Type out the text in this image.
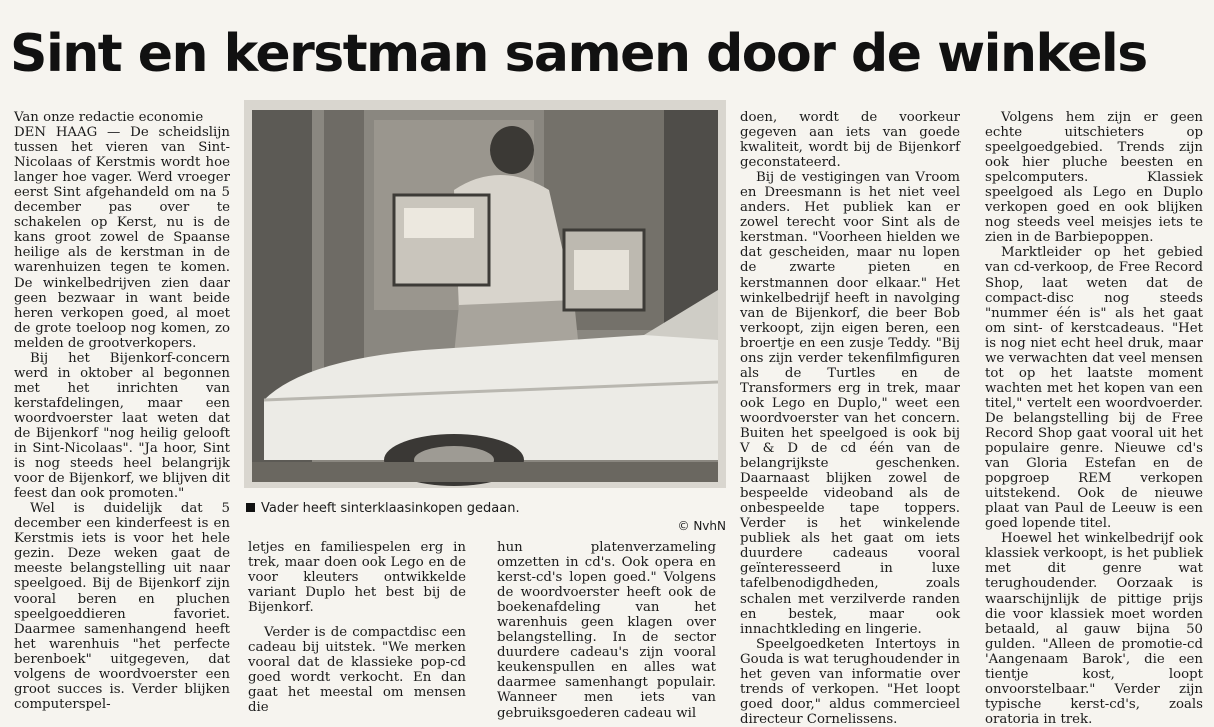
Sint en kerstman samen door de winkels

Van onze redactie economie

DEN HAAG — De scheidslijn tussen het vieren van Sint-Nicolaas of Kerstmis wordt hoe langer hoe vager. Werd vroeger eerst Sint afgehandeld om na 5 december pas over te schakelen op Kerst, nu is de kans groot zowel de Spaanse heilige als de kerstman in de warenhuizen tegen te komen. De winkelbedrijven zien daar geen bezwaar in want beide heren verkopen goed, al moet de grote toeloop nog komen, zo melden de grootverkopers.

Bij het Bijenkorf-concern werd in oktober al begonnen met het inrichten van kerstafdelingen, maar een woordvoerster laat weten dat de Bijenkorf "nog heilig gelooft in Sint-Nicolaas". "Ja hoor, Sint is nog steeds heel belangrijk voor de Bijenkorf, we blijven dit feest dan ook promoten."

Wel is duidelijk dat 5 december een kinderfeest is en Kerstmis iets is voor het hele gezin. Deze weken gaat de meeste belangstelling uit naar speelgoed. Bij de Bijenkorf zijn vooral beren en pluchen speelgoeddieren favoriet. Daarmee samenhangend heeft het warenhuis "het perfecte berenboek" uitgegeven, dat volgens de woordvoerster een groot succes is. Verder blijken computerspel-

Vader heeft sinterklaasinkopen gedaan.
© NvhN

letjes en familiespelen erg in trek, maar doen ook Lego en de voor kleuters ontwikkelde variant Duplo het best bij de Bijenkorf.

Verder is de compactdisc een cadeau bij uitstek. "We merken vooral dat de klassieke pop-cd goed wordt verkocht. En dan gaat het meestal om mensen die

hun platenverzameling omzetten in cd's. Ook opera en kerst-cd's lopen goed." Volgens de woordvoerster heeft ook de boekenafdeling van het warenhuis geen klagen over belangstelling. In de sector duurdere cadeau's zijn vooral keukenspullen en alles wat daarmee samenhangt populair. Wanneer men iets van gebruiksgoederen cadeau wil

doen, wordt de voorkeur gegeven aan iets van goede kwaliteit, wordt bij de Bijenkorf geconstateerd.

Bij de vestigingen van Vroom en Dreesmann is het niet veel anders. Het publiek kan er zowel terecht voor Sint als de kerstman. "Voorheen hielden we dat gescheiden, maar nu lopen de zwarte pieten en kerstmannen door elkaar." Het winkelbedrijf heeft in navolging van de Bijenkorf, die beer Bob verkoopt, zijn eigen beren, een broertje en een zusje Teddy. "Bij ons zijn verder tekenfilmfiguren als de Turtles en de Transformers erg in trek, maar ook Lego en Duplo," weet een woordvoerster van het concern. Buiten het speelgoed is ook bij V & D de cd één van de belangrijkste geschenken. Daarnaast blijken zowel de bespeelde videoband als de onbespeelde tape toppers. Verder is het winkelende publiek als het gaat om iets duurdere cadeaus vooral geïnteresseerd in luxe tafelbenodigdheden, zoals schalen met verzilverde randen en bestek, maar ook innachtkleding en lingerie.

Speelgoedketen Intertoys in Gouda is wat terughoudender in het geven van informatie over trends of verkopen. "Het loopt goed door," aldus commercieel directeur Cornelissens.

Volgens hem zijn er geen echte uitschieters op speelgoedgebied. Trends zijn ook hier pluche beesten en spelcomputers. Klassiek speelgoed als Lego en Duplo verkopen goed en ook blijken nog steeds veel meisjes iets te zien in de Barbiepoppen.

Marktleider op het gebied van cd-verkoop, de Free Record Shop, laat weten dat de compact-disc nog steeds "nummer één is" als het gaat om sint- of kerstcadeaus. "Het is nog niet echt heel druk, maar we verwachten dat veel mensen tot op het laatste moment wachten met het kopen van een titel," vertelt een woordvoerder. De belangstelling bij de Free Record Shop gaat vooral uit het populaire genre. Nieuwe cd's van Gloria Estefan en de popgroep REM verkopen uitstekend. Ook de nieuwe plaat van Paul de Leeuw is een goed lopende titel.

Hoewel het winkelbedrijf ook klassiek verkoopt, is het publiek met dit genre wat terughoudender. Oorzaak is waarschijnlijk de pittige prijs die voor klassiek moet worden betaald, al gauw bijna 50 gulden. "Alleen de promotie-cd 'Aangenaam Barok', die een tientje kost, loopt onvoorstelbaar." Verder zijn typische kerst-cd's, zoals oratoria in trek.
